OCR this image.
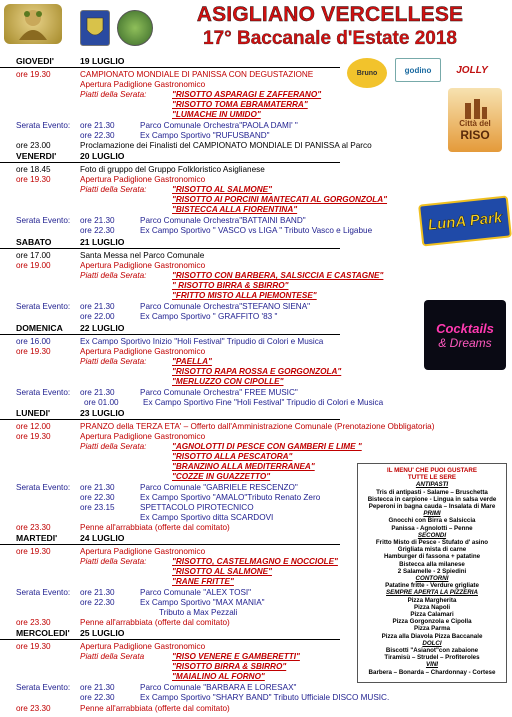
ASIGLIANO VERCELLESE
17° Baccanale d'Estate 2018
Bruno	godino JOLLY
Città del
RISO
LunA Park
Cocktails
& Dreams
GIOVEDI'	19 LUGLIO
ore 19.30	CAMPIONATO MONDIALE DI PANISSA CON DEGUSTAZIONE
Apertura Padiglione Gastronomico
Piatti della Serata:	"RISOTTO ASPARAGI E ZAFFERANO"
"RISOTTO TOMA EBRAMATERRA"
"LUMACHE IN UMIDO"
Serata Evento: ore 21.30	Parco Comunale Orchestra"PAOLA DAMI' "
ore 22.30	Ex Campo Sportivo "RUFUSBAND"
ore 23.00	Proclamazione dei Finalisti del CAMPIONATO MONDIALE DI PANISSA al Parco
VENERDI'	20 LUGLIO
ore 18.45	Foto di gruppo del Gruppo Folkloristico Asiglianese
ore 19.30	Apertura Padiglione Gastronomico
Piatti della Serata:	"RISOTTO AL SALMONE"
"RISOTTO AI PORCINI MANTECATI AL GORGONZOLA"
"BISTECCA ALLA FIORENTINA"
Serata Evento: ore 21.30	Parco Comunale Orchestra"BATTAINI BAND"
ore 22.30	Ex Campo Sportivo " VASCO vs LIGA " Tributo Vasco e Ligabue
SABATO	21 LUGLIO
ore 17.00	Santa Messa nel Parco Comunale
ore 19.00	Apertura Padiglione Gastronomico
Piatti della Serata:	"RISOTTO CON BARBERA, SALSICCIA E CASTAGNE"
" RISOTTO BIRRA & SBIRRO"
"FRITTO MISTO ALLA PIEMONTESE"
Serata Evento: ore 21.30	Parco Comunale Orchestra"STEFANO SIENA"
ore 22.00	Ex Campo Sportivo " GRAFFITO '83 "
DOMENICA 22 LUGLIO
ore 16.00	Ex Campo Sportivo Inizio "Holi Festival" Tripudio di Colori e Musica
ore 19.30	Apertura Padiglione Gastronomico
Piatti della Serata:	"PAELLA"
"RISOTTO RAPA ROSSA E GORGONZOLA"
"MERLUZZO CON CIPOLLE"
Serata Evento: ore 21.30	Parco Comunale Orchestra" FREE MUSIC"
ore 01.00	Ex Campo Sportivo Fine "Holi Festival" Tripudio di Colori e Musica
LUNEDI'	23 LUGLIO
ore 12.00	PRANZO della TERZA ETA' – Offerto dall'Amministrazione Comunale (Prenotazione Obbligatoria)
ore 19.30	Apertura Padiglione Gastronomico
Piatti della Serata:	"AGNOLOTTI DI PESCE CON GAMBERI E LIME "
"RISOTTO ALLA PESCATORA"
"BRANZINO ALLA MEDITERRANEA"
"COZZE IN GUAZZETTO"
Serata Evento: ore 21.30	Parco Comunale "GABRIELE RESCENZO"
ore 22.30	Ex Campo Sportivo "AMALO"Tributo Renato Zero
ore 23.15	SPETTACOLO PIROTECNICO
Ex Campo Sportivo ditta SCARDOVI
ore 23.30	Penne all'arrabbiata (offerte dal comitato)
MARTEDI'	24 LUGLIO
ore 19.30	Apertura Padiglione Gastronomico
Piatti della Serata:	"RISOTTO, CASTELMAGNO E NOCCIOLE"
"RISOTTO AL SALMONE"
"RANE FRITTE"
Serata Evento: ore 21.30	Parco Comunale "ALEX TOSI"
ore 22.30	Ex Campo Sportivo "MAX MANIA"
Tributo a Max Pezzali
ore 23.30	Penne all'arrabbiata (offerte dal comitato)
MERCOLEDI' 25 LUGLIO
ore 19.30	Apertura Padiglione Gastronomico
Piatti della Serata	"RISO VENERE E GAMBERETTI"
"RISOTTO BIRRA & SBIRRO"
"MAIALINO AL FORNO"
Serata Evento: ore 21.30	Parco Comunale "BARBARA E LORESAX"
ore 22.30	Ex Campo Sportivo "SHARY BAND" Tributo Ufficiale DISCO MUSIC.
ore 23.30	Penne all'arrabbiata (offerte dal comitato)
IL MENU' CHE PUOI GUSTARE
TUTTE LE SERE
ANTIPASTI
Tris di antipasti - Salame – Bruschetta
Bistecca in carpione - Lingua in salsa verde
Peperoni in bagna cauda – Insalata di Mare
PRIMI
Gnocchi con Birra e Salsiccia
Panissa - Agnolotti – Penne
SECONDI
Fritto Misto di Pesce - Stufato d' asino
Grigliata mista di carne
Hamburger di fassona + patatine
Bistecca alla milanese
2 Salamelle - 2 Spiedini
CONTORNI
Patatine fritte - Verdure grigliate
SEMPRE APERTA LA PIZZERIA
Pizza Margherita
Pizza Napoli
Pizza Calamari
Pizza Gorgonzola e Cipolla
Pizza Parma
Pizza alla Diavola Pizza Baccanale
DOLCI
Biscotti "Asianot"con zabaione
Tiramisù – Strudel – Profiteroles
VINI
Barbera – Bonarda – Chardonnay - Cortese
